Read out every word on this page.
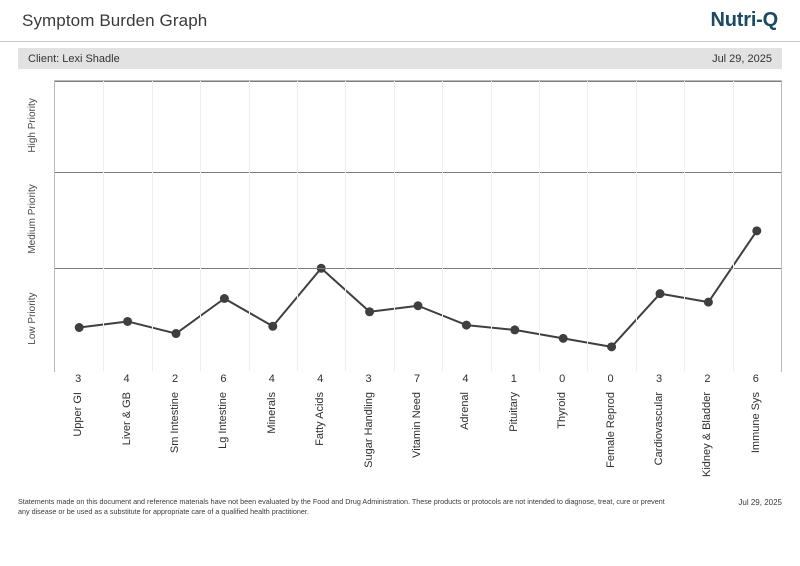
Symptom Burden Graph	Nutri-Q
Client: Lexi Shadle	Jul 29, 2025
Low Priority
Medium Priority
High Priority
3	4	2	6	4	4	3	7	4	1	0	0	3	2	6
Upper GI	Liver & GB	Sm Intestine	Lg Intestine	Minerals	Fatty Acids	Sugar Handling	Vitamin Need	Adrenal	Pituitary	Thyroid	Female Reprod	Cardiovascular	Kidney & Bladder	Immune Sys
Statements made on this document and reference materials have not been evaluated by the Food and Drug Administration. These products or protocols are not intended to diagnose, treat, cure or prevent any disease or be used as a substitute for appropriate care of a qualified health practitioner.
Jul 29, 2025
